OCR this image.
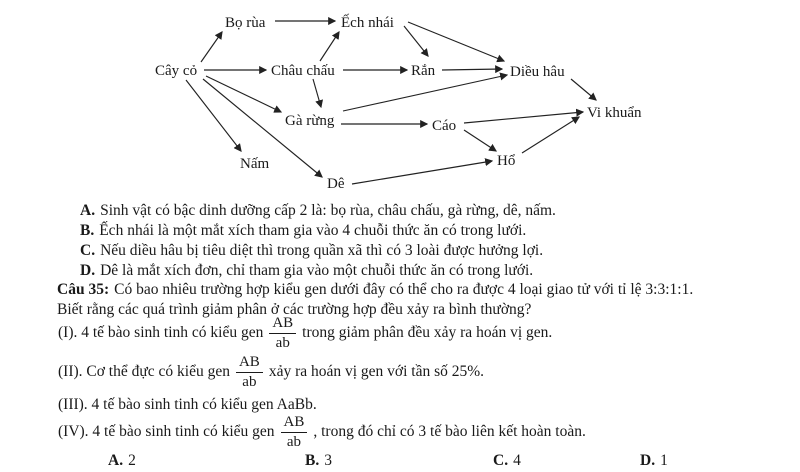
Bọ rùa	Ếch nhái
Cây cỏ	Châu chấu	Rắn	Diều hâu
Gà rừng	Cáo
Vi khuẩn
Nấm	Hổ
Dê
A. Sinh vật có bậc dinh dưỡng cấp 2 là: bọ rùa, châu chấu, gà rừng, dê, nấm.
B. Ếch nhái là một mắt xích tham gia vào 4 chuỗi thức ăn có trong lưới.
C. Nếu diều hâu bị tiêu diệt thì trong quần xã thì có 3 loài được hưởng lợi.
D. Dê là mắt xích đơn, chỉ tham gia vào một chuỗi thức ăn có trong lưới.
Câu 35: Có bao nhiêu trường hợp kiểu gen dưới đây có thể cho ra được 4 loại giao tử với tỉ lệ 3:3:1:1.
Biết rằng các quá trình giảm phân ở các trường hợp đều xảy ra bình thường?
(I). 4 tế bào sinh tinh có kiểu gen $\frac{AB}{ab}$ trong giảm phân đều xảy ra hoán vị gen.
(II). Cơ thể đực có kiểu gen $\frac{AB}{ab}$ xảy ra hoán vị gen với tần số 25%.
(III). 4 tế bào sinh tinh có kiểu gen AaBb.
(IV). 4 tế bào sinh tinh có kiểu gen $\frac{AB}{ab}$ , trong đó chỉ có 3 tế bào liên kết hoàn toàn.
A. 2	B. 3	C. 4	D. 1
